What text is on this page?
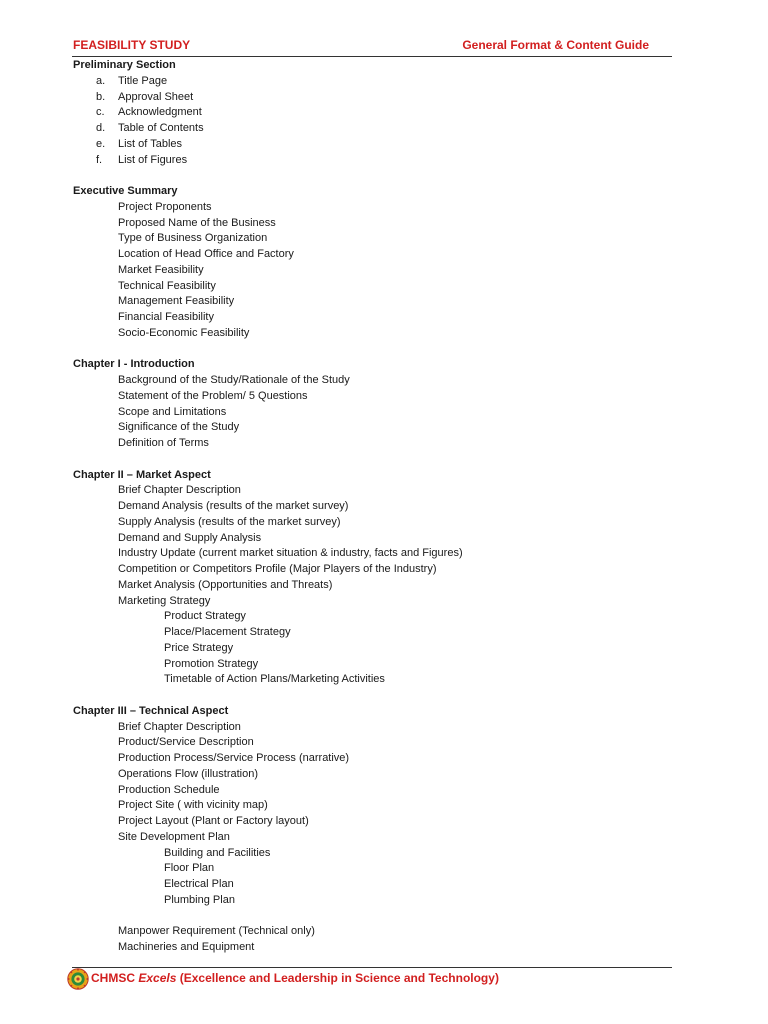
FEASIBILITY STUDY	General Format & Content Guide
Preliminary Section
a. Title Page
b. Approval Sheet
c. Acknowledgment
d. Table of Contents
e. List of Tables
f. List of Figures
Executive Summary
Project Proponents
Proposed Name of the Business
Type of Business Organization
Location of Head Office and Factory
Market Feasibility
Technical Feasibility
Management Feasibility
Financial Feasibility
Socio-Economic Feasibility
Chapter I - Introduction
Background of the Study/Rationale of the Study
Statement of the Problem/ 5 Questions
Scope and Limitations
Significance of the Study
Definition of Terms
Chapter II – Market Aspect
Brief Chapter Description
Demand Analysis (results of the market survey)
Supply Analysis (results of the market survey)
Demand and Supply Analysis
Industry Update (current market situation & industry, facts and Figures)
Competition or Competitors Profile (Major Players of the Industry)
Market Analysis (Opportunities and Threats)
Marketing Strategy
Product Strategy
Place/Placement Strategy
Price Strategy
Promotion Strategy
Timetable of Action Plans/Marketing Activities
Chapter III – Technical Aspect
Brief Chapter Description
Product/Service Description
Production Process/Service Process (narrative)
Operations Flow (illustration)
Production Schedule
Project Site ( with vicinity map)
Project Layout (Plant or Factory layout)
Site Development Plan
Building and Facilities
Floor Plan
Electrical Plan
Plumbing Plan
Manpower Requirement (Technical only)
Machineries and Equipment
CHMSC Excels (Excellence and Leadership in Science and Technology)
